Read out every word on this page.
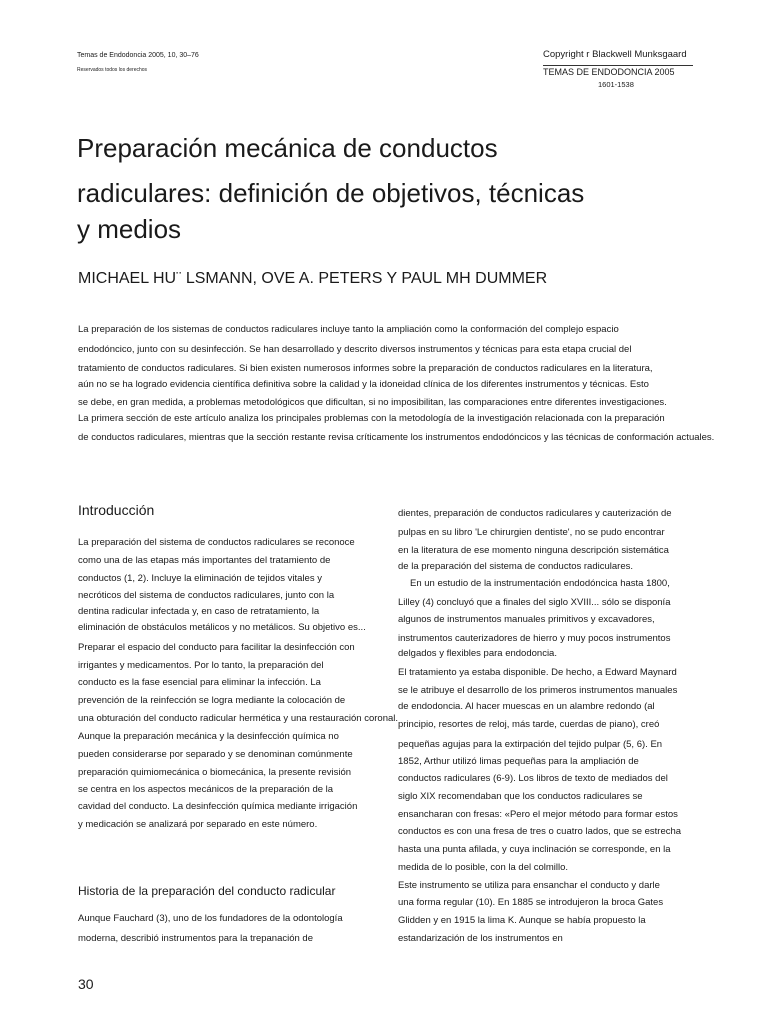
Temas de Endodoncia 2005, 10, 30–76
Reservados todos los derechos
Copyright r Blackwell Munksgaard
TEMAS DE ENDODONCIA 2005
1601-1538
Preparación mecánica de conductos
radiculares: definición de objetivos, técnicas
y medios
MICHAEL HU¨ LSMANN, OVE A. PETERS Y PAUL MH DUMMER

La preparación de los sistemas de conductos radiculares incluye tanto la ampliación como la conformación del complejo espacio

endodóncico, junto con su desinfección. Se han desarrollado y descrito diversos instrumentos y técnicas para esta etapa crucial del

tratamiento de conductos radiculares. Si bien existen numerosos informes sobre la preparación de conductos radiculares en la literatura,

aún no se ha logrado evidencia científica definitiva sobre la calidad y la idoneidad clínica de los diferentes instrumentos y técnicas. Esto

se debe, en gran medida, a problemas metodológicos que dificultan, si no imposibilitan, las comparaciones entre diferentes investigaciones.

La primera sección de este artículo analiza los principales problemas con la metodología de la investigación relacionada con la preparación

de conductos radiculares, mientras que la sección restante revisa críticamente los instrumentos endodóncicos y las técnicas de conformación actuales.

Introducción

La preparación del sistema de conductos radiculares se reconoce

como una de las etapas más importantes del tratamiento de

conductos (1, 2). Incluye la eliminación de tejidos vitales y

necróticos del sistema de conductos radiculares, junto con la

dentina radicular infectada y, en caso de retratamiento, la

eliminación de obstáculos metálicos y no metálicos. Su objetivo es...

Preparar el espacio del conducto para facilitar la desinfección con

irrigantes y medicamentos. Por lo tanto, la preparación del

conducto es la fase esencial para eliminar la infección. La

prevención de la reinfección se logra mediante la colocación de

una obturación del conducto radicular hermética y una restauración coronal.

Aunque la preparación mecánica y la desinfección química no

pueden considerarse por separado y se denominan comúnmente

preparación quimiomecánica o biomecánica, la presente revisión

se centra en los aspectos mecánicos de la preparación de la

cavidad del conducto. La desinfección química mediante irrigación

y medicación se analizará por separado en este número.

Historia de la preparación del conducto radicular

Aunque Fauchard (3), uno de los fundadores de la odontología

moderna, describió instrumentos para la trepanación de

dientes, preparación de conductos radiculares y cauterización de

pulpas en su libro 'Le chirurgien dentiste', no se pudo encontrar

en la literatura de ese momento ninguna descripción sistemática

de la preparación del sistema de conductos radiculares.

En un estudio de la instrumentación endodóncica hasta 1800,

Lilley (4) concluyó que a finales del siglo XVIII... sólo se disponía

algunos de instrumentos manuales primitivos y excavadores,

instrumentos cauterizadores de hierro y muy pocos instrumentos

delgados y flexibles para endodoncia.

El tratamiento ya estaba disponible. De hecho, a Edward Maynard

se le atribuye el desarrollo de los primeros instrumentos manuales

de endodoncia. Al hacer muescas en un alambre redondo (al

principio, resortes de reloj, más tarde, cuerdas de piano), creó

pequeñas agujas para la extirpación del tejido pulpar (5, 6). En

1852, Arthur utilizó limas pequeñas para la ampliación de

conductos radiculares (6-9). Los libros de texto de mediados del

siglo XIX recomendaban que los conductos radiculares se

ensancharan con fresas: «Pero el mejor método para formar estos

conductos es con una fresa de tres o cuatro lados, que se estrecha

hasta una punta afilada, y cuya inclinación se corresponde, en la

medida de lo posible, con la del colmillo.

Este instrumento se utiliza para ensanchar el conducto y darle

una forma regular (10). En 1885 se introdujeron la broca Gates

Glidden y en 1915 la lima K. Aunque se había propuesto la

estandarización de los instrumentos en

30
